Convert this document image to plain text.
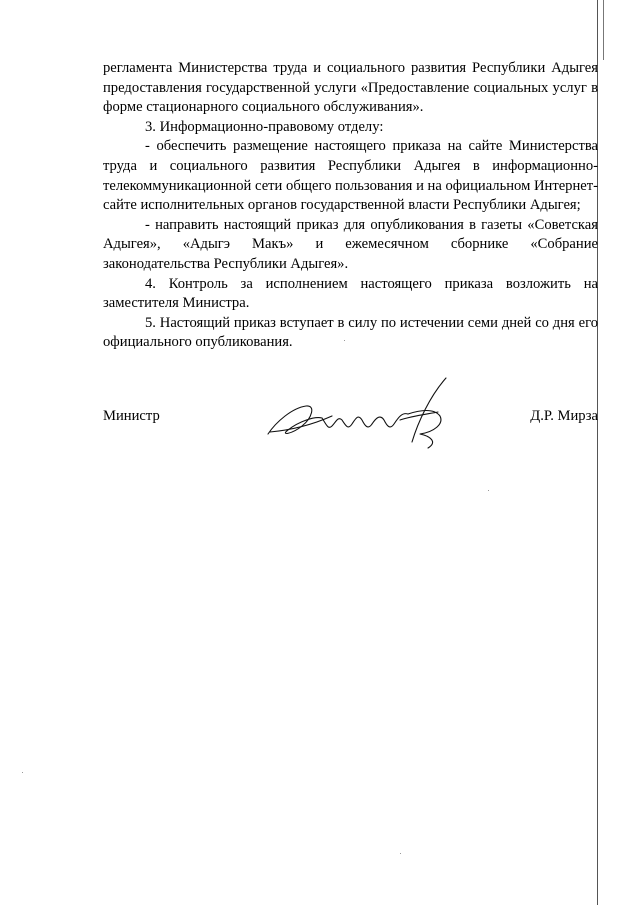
регламента Министерства труда и социального развития Республики Адыгея предоставления государственной услуги «Предоставление социальных услуг в форме стационарного социального обслуживания».

3. Информационно-правовому отделу:

- обеспечить размещение настоящего приказа на сайте Министерства труда и социального развития Республики Адыгея в информационно-телекоммуникационной сети общего пользования и на официальном Интернет-сайте исполнительных органов государственной власти Республики Адыгея;

- направить настоящий приказ для опубликования в газеты «Советская Адыгея», «Адыгэ Макъ» и ежемесячном сборнике «Собрание законодательства Республики Адыгея».

4. Контроль за исполнением настоящего приказа возложить на заместителя Министра.

5. Настоящий приказ вступает в силу по истечении семи дней со дня его официального опубликования.

Министр	Д.Р. Мирза
